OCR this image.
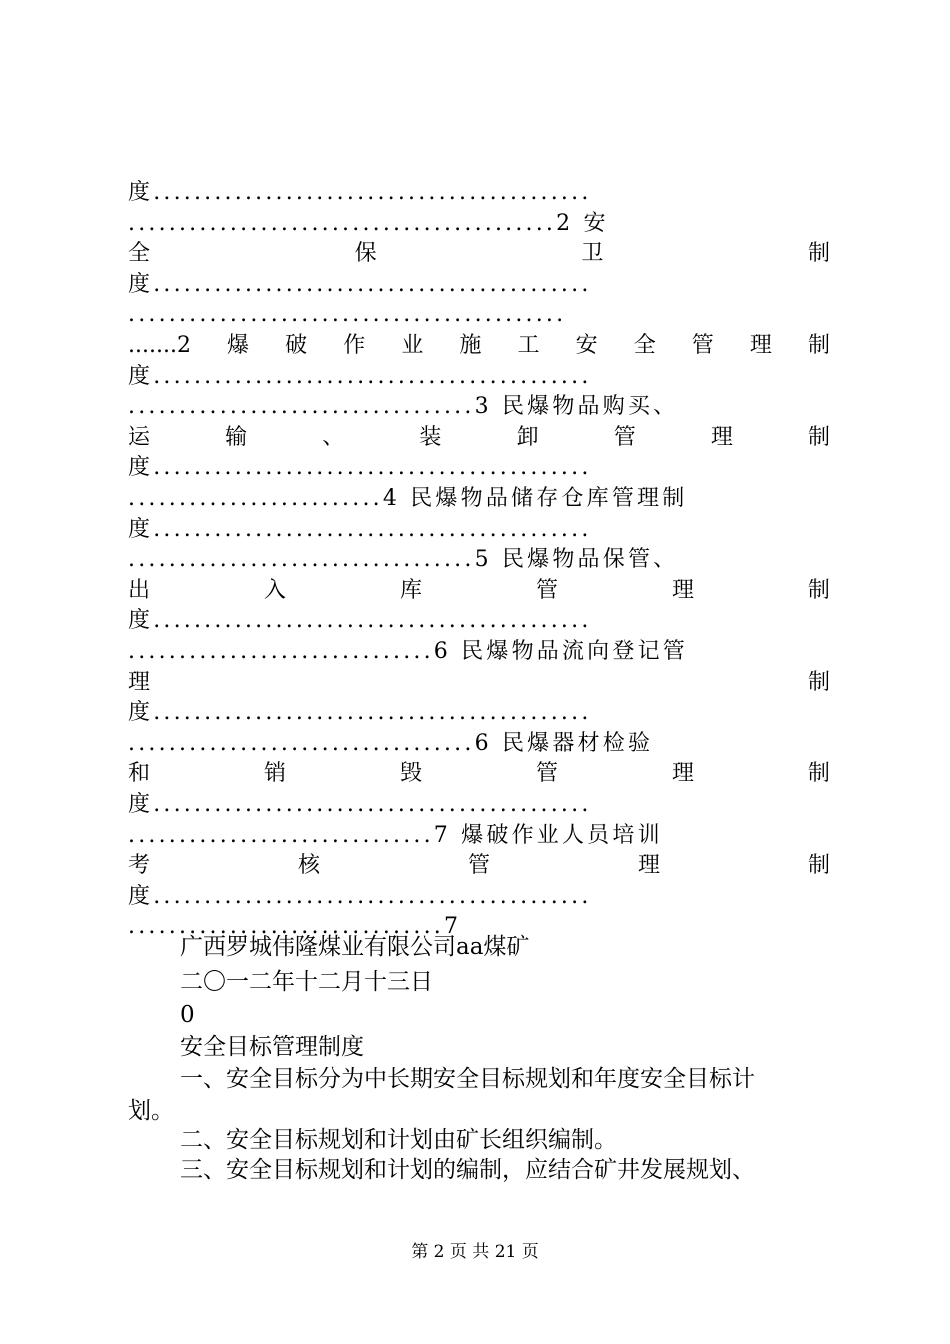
度...........................................
..........................................2 安
全	保	卫	制
度...........................................
...........................................
.......2 爆 破 作 业 施 工 安 全 管 理 制
度...........................................
..................................3 民爆物品购买、
运	输	、	装	卸	管	理	制
度...........................................
.........................4 民爆物品储存仓库管理制
度...........................................
..................................5 民爆物品保管、
出	入	库	管	理	制
度...........................................
..............................6 民爆物品流向登记管
理	制
度...........................................
..................................6 民爆器材检验
和	销	毁	管	理	制
度...........................................
..............................7 爆破作业人员培训
考	核	管	理	制
度...........................................
...............................7
广西罗城伟隆煤业有限公司aa煤矿
二〇一二年十二月十三日
0
安全目标管理制度
一、安全目标分为中长期安全目标规划和年度安全目标计
划。
二、安全目标规划和计划由矿长组织编制。
三、安全目标规划和计划的编制，应结合矿井发展规划、
第 2 页 共 21 页
